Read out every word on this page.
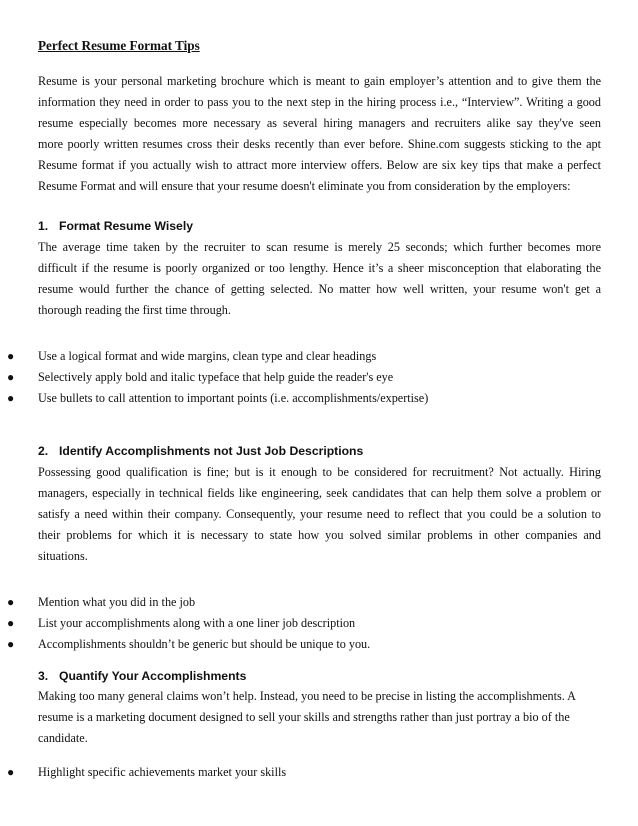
Perfect Resume Format Tips
Resume is your personal marketing brochure which is meant to gain employer’s attention and to give them the
information they need in order to pass you to the next step in the hiring process i.e., “Interview”. Writing a good
resume especially becomes more necessary as several hiring managers and recruiters alike say they've seen
more poorly written resumes cross their desks recently than ever before. Shine.com suggests sticking to the apt
Resume format if you actually wish to attract more interview offers. Below are six key tips that make a perfect
Resume Format and will ensure that your resume doesn't eliminate you from consideration by the employers:
1. Format Resume Wisely
The average time taken by the recruiter to scan resume is merely 25 seconds; which further becomes more
difficult if the resume is poorly organized or too lengthy. Hence it’s a sheer misconception that elaborating the
resume would further the chance of getting selected. No matter how well written, your resume won't get a
thorough reading the first time through.
● Use a logical format and wide margins, clean type and clear headings
● Selectively apply bold and italic typeface that help guide the reader's eye
● Use bullets to call attention to important points (i.e. accomplishments/expertise)
2. Identify Accomplishments not Just Job Descriptions
Possessing good qualification is fine; but is it enough to be considered for recruitment? Not actually. Hiring
managers, especially in technical fields like engineering, seek candidates that can help them solve a problem or
satisfy a need within their company. Consequently, your resume need to reflect that you could be a solution to
their problems for which it is necessary to state how you solved similar problems in other companies and
situations.
● Mention what you did in the job
● List your accomplishments along with a one liner job description
● Accomplishments shouldn’t be generic but should be unique to you.
3. Quantify Your Accomplishments
Making too many general claims won’t help. Instead, you need to be precise in listing the accomplishments. A
resume is a marketing document designed to sell your skills and strengths rather than just portray a bio of the
candidate.
● Highlight specific achievements market your skills
